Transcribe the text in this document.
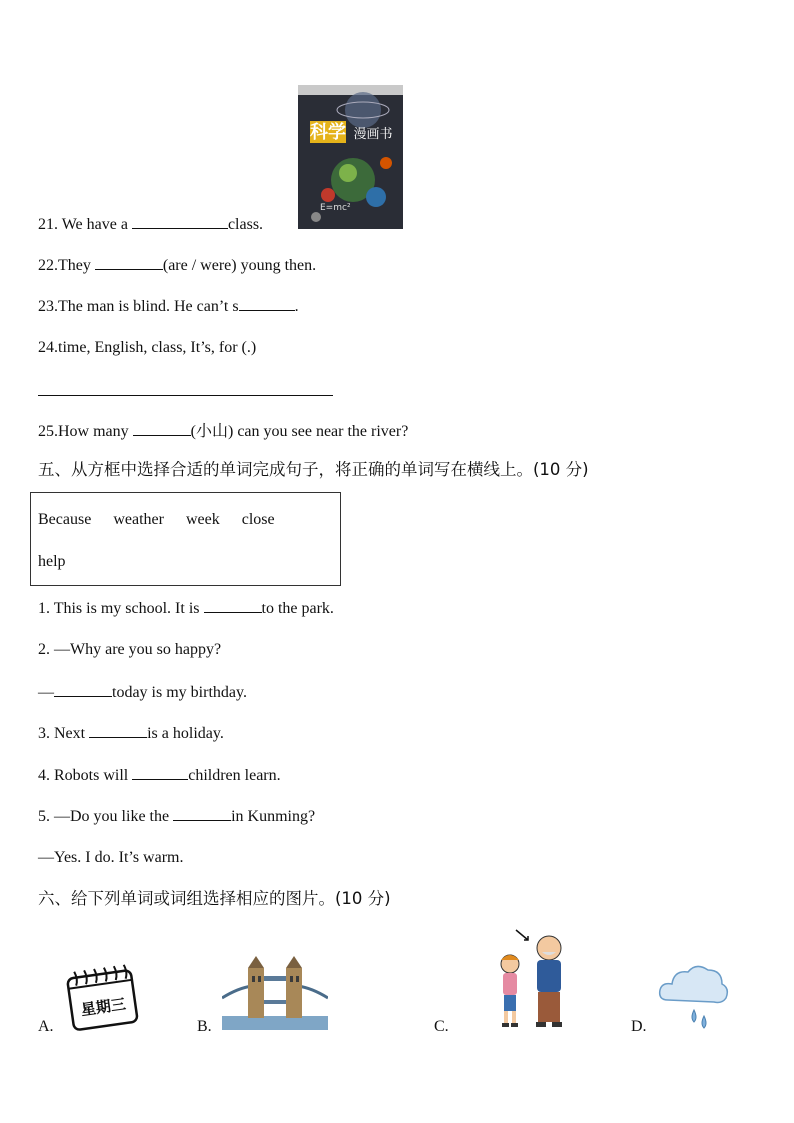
科学 漫画书
E=mc²
21. We have a	class.
22.They	(are / were) young then.
23.The man is blind. He can’t s	.
24.time, English, class, It’s, for (.)
25.How many	(小山) can you see near the river?
五、从方框中选择合适的单词完成句子，将正确的单词写在横线上。(10 分)
Because weather week close
help
1. This is my school. It is	to the park.
2. —Why are you so happy?
—	today is my birthday.
3. Next	is a holiday.
4. Robots will	children learn.
5. —Do you like the	in Kunming?
—Yes. I do. It’s warm.
六、给下列单词或词组选择相应的图片。(10 分)
A.
星期三
B.	C.	D.
